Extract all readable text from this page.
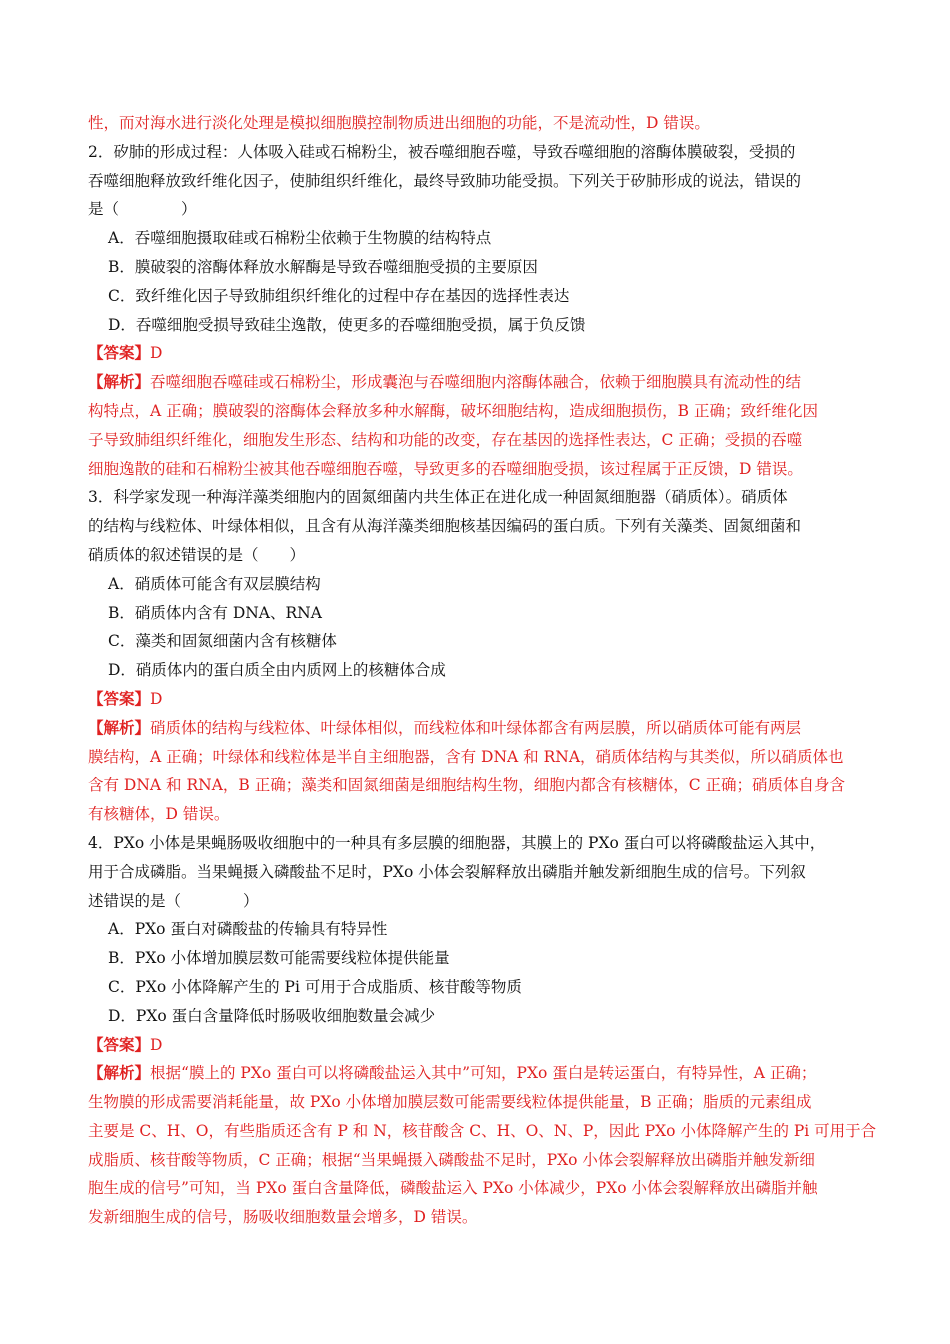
性，而对海水进行淡化处理是模拟细胞膜控制物质进出细胞的功能，不是流动性，D 错误。
2．矽肺的形成过程：人体吸入硅或石棉粉尘，被吞噬细胞吞噬，导致吞噬细胞的溶酶体膜破裂，受损的
吞噬细胞释放致纤维化因子，使肺组织纤维化，最终导致肺功能受损。下列关于矽肺形成的说法，错误的
是（　　　　）
A．吞噬细胞摄取硅或石棉粉尘依赖于生物膜的结构特点
B．膜破裂的溶酶体释放水解酶是导致吞噬细胞受损的主要原因
C．致纤维化因子导致肺组织纤维化的过程中存在基因的选择性表达
D．吞噬细胞受损导致硅尘逸散，使更多的吞噬细胞受损，属于负反馈
【答案】D
【解析】吞噬细胞吞噬硅或石棉粉尘，形成囊泡与吞噬细胞内溶酶体融合，依赖于细胞膜具有流动性的结
构特点，A 正确；膜破裂的溶酶体会释放多种水解酶，破坏细胞结构，造成细胞损伤，B 正确；致纤维化因
子导致肺组织纤维化，细胞发生形态、结构和功能的改变，存在基因的选择性表达，C 正确；受损的吞噬
细胞逸散的硅和石棉粉尘被其他吞噬细胞吞噬，导致更多的吞噬细胞受损，该过程属于正反馈，D 错误。
3．科学家发现一种海洋藻类细胞内的固氮细菌内共生体正在进化成一种固氮细胞器（硝质体）。硝质体
的结构与线粒体、叶绿体相似，且含有从海洋藻类细胞核基因编码的蛋白质。下列有关藻类、固氮细菌和
硝质体的叙述错误的是（　　）
A．硝质体可能含有双层膜结构
B．硝质体内含有 DNA、RNA
C．藻类和固氮细菌内含有核糖体
D．硝质体内的蛋白质全由内质网上的核糖体合成
【答案】D
【解析】硝质体的结构与线粒体、叶绿体相似，而线粒体和叶绿体都含有两层膜，所以硝质体可能有两层
膜结构，A 正确；叶绿体和线粒体是半自主细胞器，含有 DNA 和 RNA，硝质体结构与其类似，所以硝质体也
含有 DNA 和 RNA，B 正确；藻类和固氮细菌是细胞结构生物，细胞内都含有核糖体，C 正确；硝质体自身含
有核糖体，D 错误。
4．PXo 小体是果蝇肠吸收细胞中的一种具有多层膜的细胞器，其膜上的 PXo 蛋白可以将磷酸盐运入其中，
用于合成磷脂。当果蝇摄入磷酸盐不足时，PXo 小体会裂解释放出磷脂并触发新细胞生成的信号。下列叙
述错误的是（　　　　）
A．PXo 蛋白对磷酸盐的传输具有特异性
B．PXo 小体增加膜层数可能需要线粒体提供能量
C．PXo 小体降解产生的 Pi 可用于合成脂质、核苷酸等物质
D．PXo 蛋白含量降低时肠吸收细胞数量会减少
【答案】D
【解析】根据“膜上的 PXo 蛋白可以将磷酸盐运入其中”可知，PXo 蛋白是转运蛋白，有特异性，A 正确；
生物膜的形成需要消耗能量，故 PXo 小体增加膜层数可能需要线粒体提供能量，B 正确；脂质的元素组成
主要是 C、H、O，有些脂质还含有 P 和 N，核苷酸含 C、H、O、N、P，因此 PXo 小体降解产生的 Pi 可用于合
成脂质、核苷酸等物质，C 正确；根据“当果蝇摄入磷酸盐不足时，PXo 小体会裂解释放出磷脂并触发新细
胞生成的信号”可知，当 PXo 蛋白含量降低，磷酸盐运入 PXo 小体减少，PXo 小体会裂解释放出磷脂并触
发新细胞生成的信号，肠吸收细胞数量会增多，D 错误。
